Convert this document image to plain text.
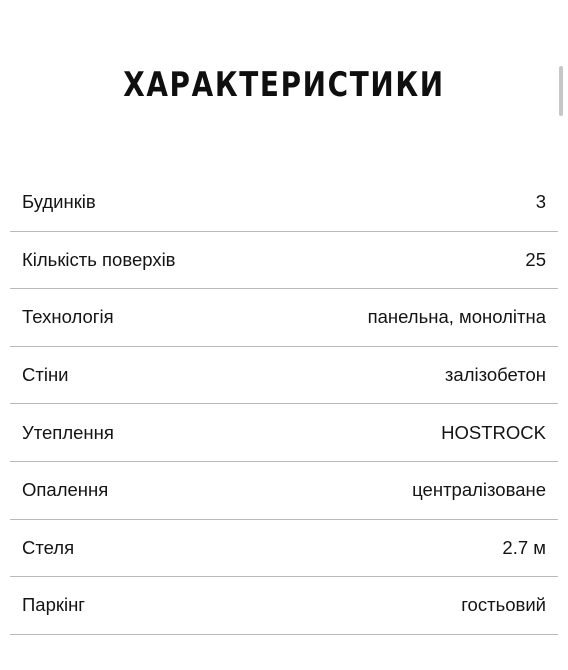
ХАРАКТЕРИСТИКИ
Будинків	3
Кількість поверхів	25
Технологія	панельна, монолітна
Стіни	залізобетон
Утеплення	HOSTROCK
Опалення	централізоване
Стеля	2.7 м
Паркінг	гостьовий
